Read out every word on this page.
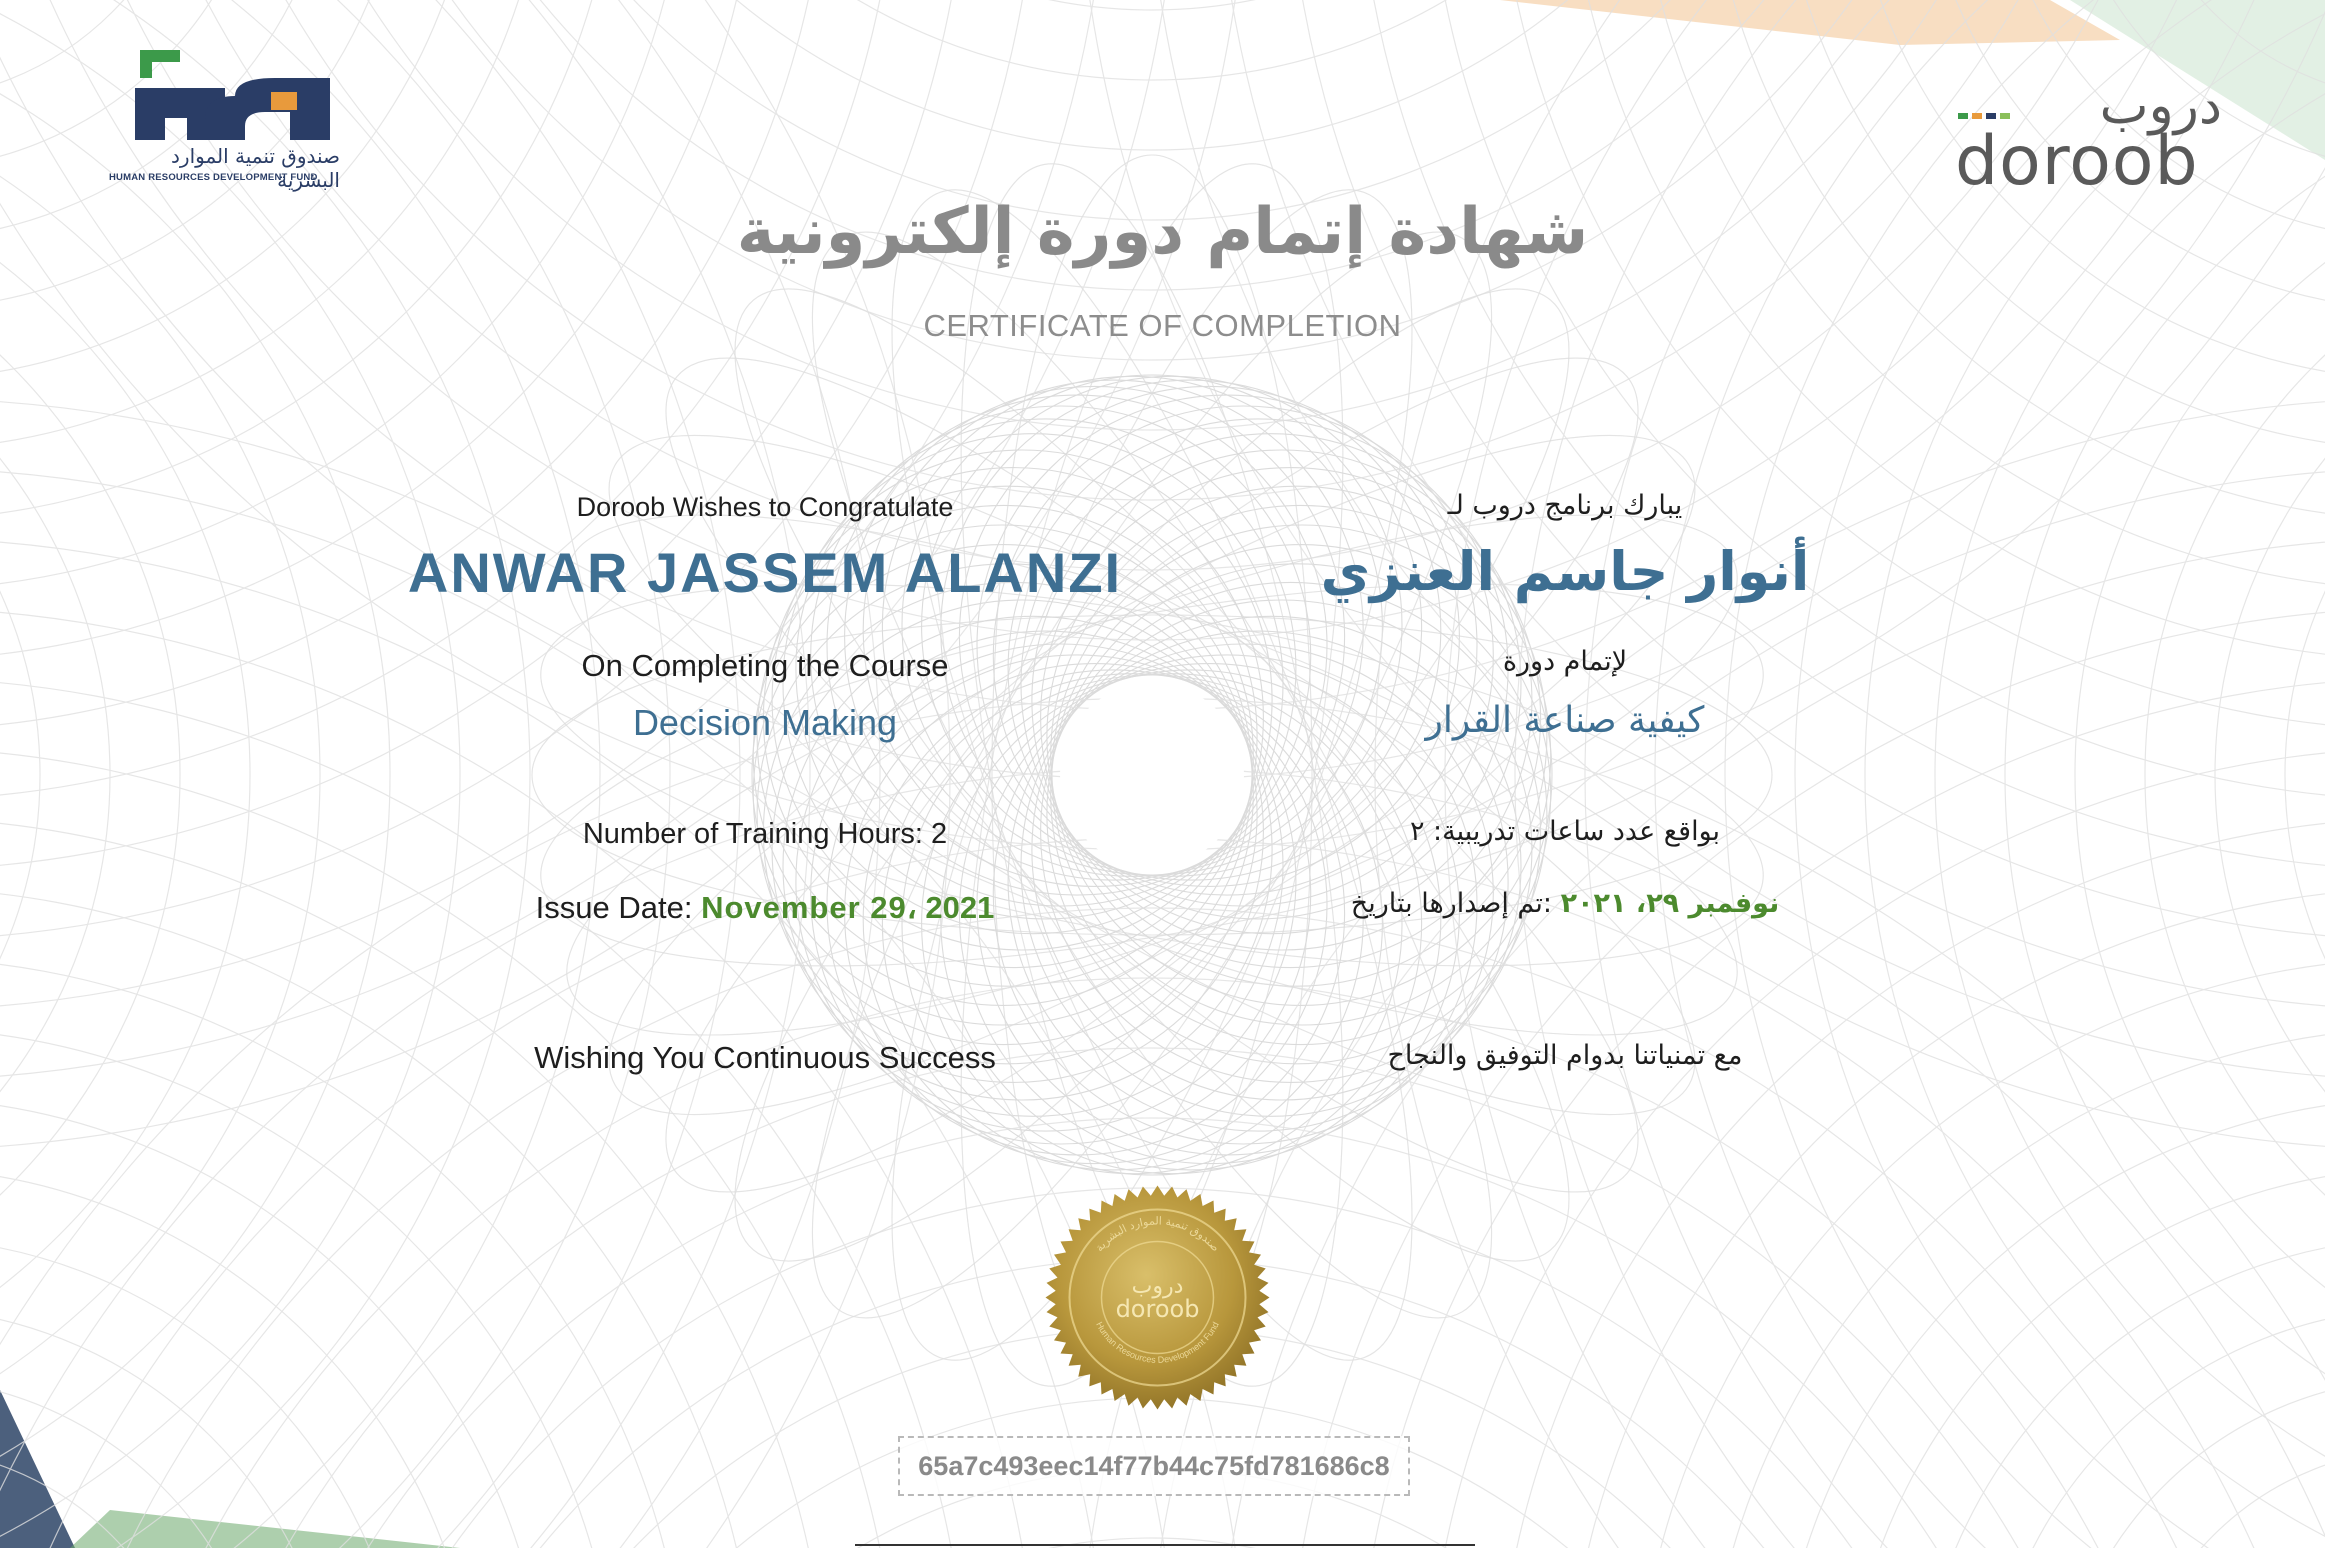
صندوق تنمية الموارد البشرية
HUMAN RESOURCES DEVELOPMENT FUND
دروب
doroob
شهادة إتمام دورة إلكترونية
CERTIFICATE OF COMPLETION
Doroob Wishes to Congratulate
ANWAR JASSEM ALANZI
On Completing the Course
Decision Making
Number of Training Hours: 2
Issue Date: November 29، 2021
Wishing You Continuous Success
يبارك برنامج دروب لـ
أنوار جاسم العنزي
لإتمام دورة
كيفية صناعة القرار
بواقع عدد ساعات تدريبية: ٢
نوفمبر ٢٩، ٢٠٢١ :تم إصدارها بتاريخ
مع تمنياتنا بدوام التوفيق والنجاح
صندوق تنمية الموارد البشرية
Human Resources Development Fund
دروب
doroob
65a7c493eec14f77b44c75fd781686c8
